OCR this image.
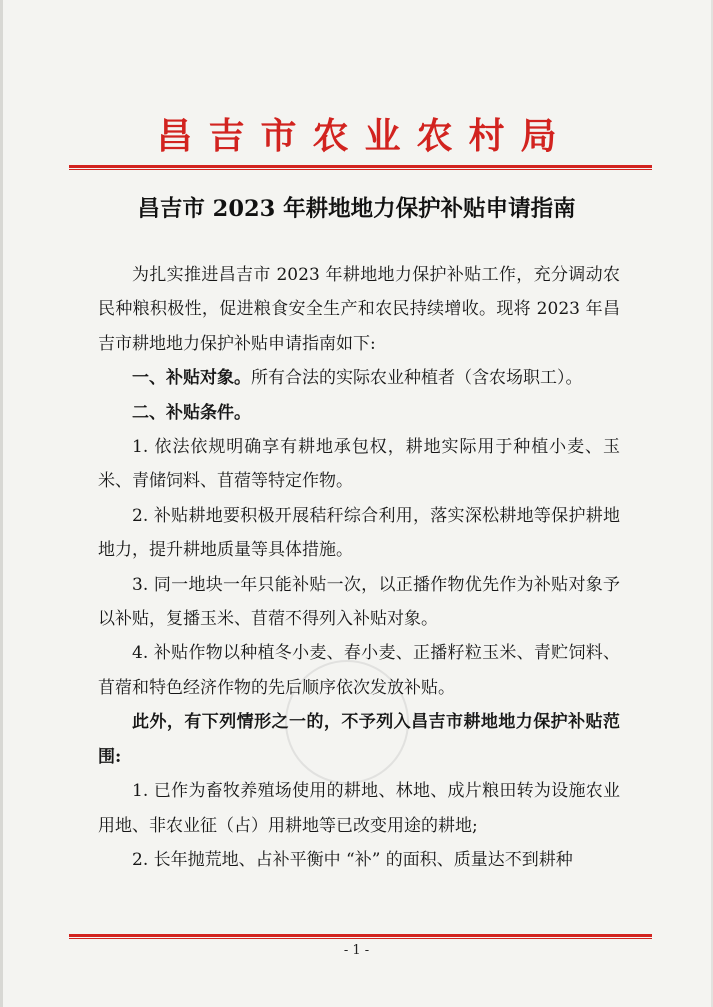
昌吉市农业农村局
昌吉市 2023 年耕地地力保护补贴申请指南

为扎实推进昌吉市 2023 年耕地地力保护补贴工作，充分调动农民种粮积极性，促进粮食安全生产和农民持续增收。现将 2023 年昌吉市耕地地力保护补贴申请指南如下:

一、补贴对象。所有合法的实际农业种植者（含农场职工）。

二、补贴条件。

1. 依法依规明确享有耕地承包权，耕地实际用于种植小麦、玉米、青储饲料、苜蓿等特定作物。

2. 补贴耕地要积极开展秸秆综合利用，落实深松耕地等保护耕地地力，提升耕地质量等具体措施。

3. 同一地块一年只能补贴一次，以正播作物优先作为补贴对象予以补贴，复播玉米、苜蓿不得列入补贴对象。

4. 补贴作物以种植冬小麦、春小麦、正播籽粒玉米、青贮饲料、苜蓿和特色经济作物的先后顺序依次发放补贴。

此外，有下列情形之一的，不予列入昌吉市耕地地力保护补贴范围:

1. 已作为畜牧养殖场使用的耕地、林地、成片粮田转为设施农业用地、非农业征（占）用耕地等已改变用途的耕地;

2. 长年抛荒地、占补平衡中 “补” 的面积、质量达不到耕种

- 1 -
